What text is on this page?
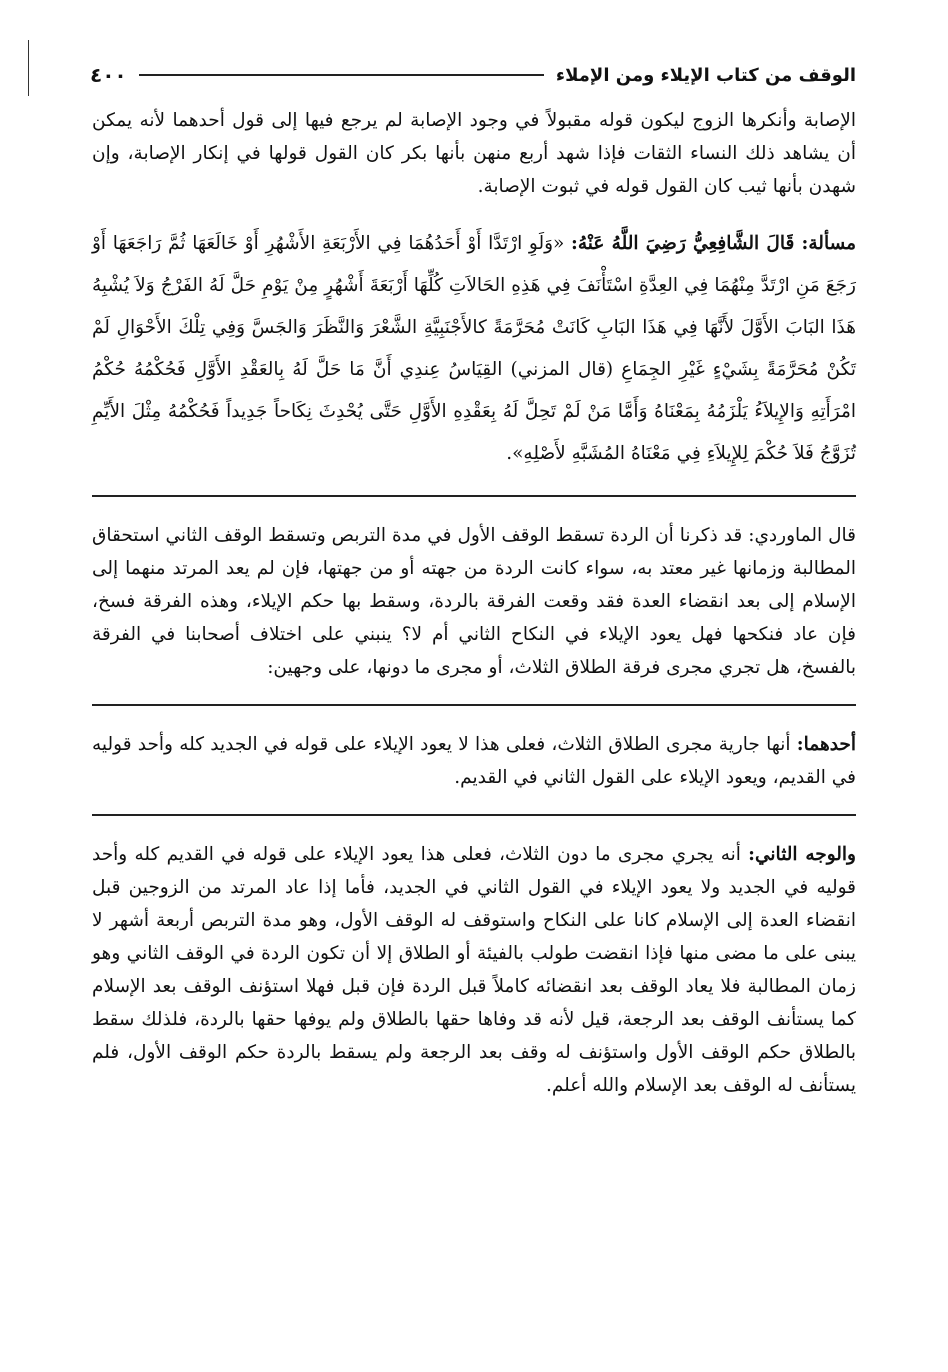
الوقف من كتاب الإيلاء ومن الإملاء
٤٠٠

الإصابة وأنكرها الزوج ليكون قوله مقبولاً في وجود الإصابة لم يرجع فيها إلى قول أحدهما لأنه يمكن أن يشاهد ذلك النساء الثقات فإذا شهد أربع منهن بأنها بكر كان القول قولها في إنكار الإصابة، وإن شهدن بأنها ثيب كان القول قوله في ثبوت الإصابة.

مسألة: قَالَ الشَّافِعِيُّ رَضِيَ اللَّهُ عَنْهُ: «وَلَوِ ارْتَدَّا أَوْ أَحَدُهُمَا فِي الأَرْبَعَةِ الأَشْهُرِ أَوْ خَالَعَهَا ثُمَّ رَاجَعَهَا أَوْ رَجَعَ مَنِ ارْتَدَّ مِنْهُمَا فِي العِدَّةِ اسْتَأْنَفَ فِي هَذِهِ الحَالاَتِ كُلِّهَا أَرْبَعَةَ أَشْهُرٍ مِنْ يَوْمِ حَلَّ لَهُ الفَرْجُ وَلاَ يُشْبِهُ هَذَا البَابَ الأَوَّلَ لأَنَّهَا فِي هَذَا البَابِ كَانَتْ مُحَرَّمَةً كالأَجْنَبِيَّةِ الشَّعْرَ وَالنَّظَرَ وَالجَسَّ وَفِي تِلْكَ الأَحْوَالِ لَمْ تَكُنْ مُحَرَّمَةً بِشَيْءٍ غَيْرِ الجِمَاعِ (قال المزني) القِيَاسُ عِندِي أَنَّ مَا حَلَّ لَهُ بِالعَقْدِ الأَوَّلِ فَحُكْمُهُ حُكْمُ امْرَأَتِهِ وَالإِيلاَءُ يَلْزَمُهُ بِمَعْنَاهُ وَأَمَّا مَنْ لَمْ تَحِلَّ لَهُ بِعَقْدِهِ الأَوَّلِ حَتَّى يُحْدِثَ نِكَاحاً جَدِيداً فَحُكْمُهُ مِثْلَ الأَيِّمِ تُزَوَّجُ فَلاَ حُكْمَ لِلإِيلاَءِ فِي مَعْنَاهُ المُشَبَّهِ لأَصْلِهِ».

قال الماوردي: قد ذكرنا أن الردة تسقط الوقف الأول في مدة التربص وتسقط الوقف الثاني استحقاق المطالبة وزمانها غير معتد به، سواء كانت الردة من جهته أو من جهتها، فإن لم يعد المرتد منهما إلى الإسلام إلى بعد انقضاء العدة فقد وقعت الفرقة بالردة، وسقط بها حكم الإيلاء، وهذه الفرقة فسخ، فإن عاد فنكحها فهل يعود الإيلاء في النكاح الثاني أم لا؟ ينبني على اختلاف أصحابنا في الفرقة بالفسخ، هل تجري مجرى فرقة الطلاق الثلاث، أو مجرى ما دونها، على وجهين:

أحدهما: أنها جارية مجرى الطلاق الثلاث، فعلى هذا لا يعود الإيلاء على قوله في الجديد كله وأحد قوليه في القديم، ويعود الإيلاء على القول الثاني في القديم.

والوجه الثاني: أنه يجري مجرى ما دون الثلاث، فعلى هذا يعود الإيلاء على قوله في القديم كله وأحد قوليه في الجديد ولا يعود الإيلاء في القول الثاني في الجديد، فأما إذا عاد المرتد من الزوجين قبل انقضاء العدة إلى الإسلام كانا على النكاح واستوقف له الوقف الأول، وهو مدة التربص أربعة أشهر لا يبنى على ما مضى منها فإذا انقضت طولب بالفيئة أو الطلاق إلا أن تكون الردة في الوقف الثاني وهو زمان المطالبة فلا يعاد الوقف بعد انقضائه كاملاً قبل الردة فإن قبل فهلا استؤنف الوقف بعد الإسلام كما يستأنف الوقف بعد الرجعة، قيل لأنه قد وفاها حقها بالطلاق ولم يوفها حقها بالردة، فلذلك سقط بالطلاق حكم الوقف الأول واستؤنف له وقف بعد الرجعة ولم يسقط بالردة حكم الوقف الأول، فلم يستأنف له الوقف بعد الإسلام والله أعلم.
